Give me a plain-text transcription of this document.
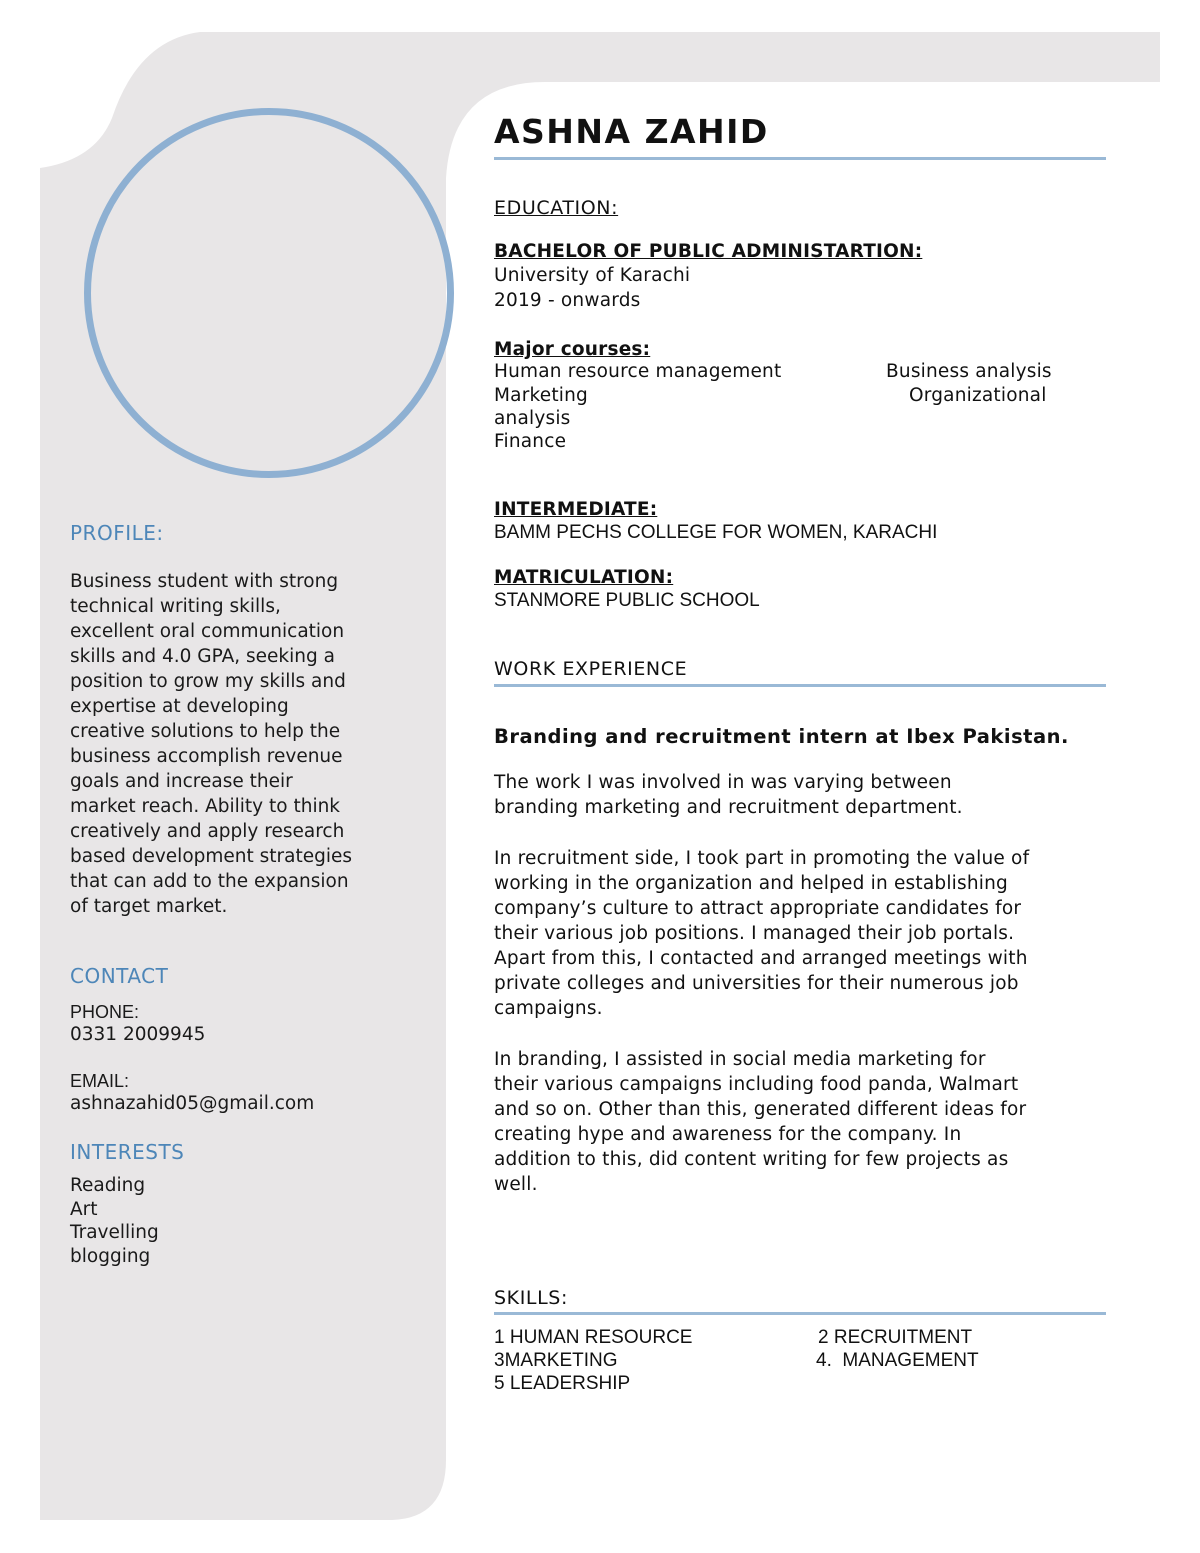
PROFILE:
Business student with strong
technical writing skills,
excellent oral communication
skills and 4.0 GPA, seeking a
position to grow my skills and
expertise at developing
creative solutions to help the
business accomplish revenue
goals and increase their
market reach. Ability to think
creatively and apply research
based development strategies
that can add to the expansion
of target market.
CONTACT
PHONE:
0331 2009945
EMAIL:
ashnazahid05@gmail.com
INTERESTS
Reading
Art
Travelling
blogging
ASHNA ZAHID
EDUCATION:
BACHELOR OF PUBLIC ADMINISTARTION:
University of Karachi
2019 - onwards
Major courses:
Human resource management	Business analysis
Marketing	Organizational
analysis
Finance
INTERMEDIATE:
BAMM PECHS COLLEGE FOR WOMEN, KARACHI
MATRICULATION:
STANMORE PUBLIC SCHOOL
WORK EXPERIENCE
Branding and recruitment intern at Ibex Pakistan.
The work I was involved in was varying between
branding marketing and recruitment department.
In recruitment side, I took part in promoting the value of
working in the organization and helped in establishing
company’s culture to attract appropriate candidates for
their various job positions. I managed their job portals.
Apart from this, I contacted and arranged meetings with
private colleges and universities for their numerous job
campaigns.
In branding, I assisted in social media marketing for
their various campaigns including food panda, Walmart
and so on. Other than this, generated different ideas for
creating hype and awareness for the company. In
addition to this, did content writing for few projects as
well.
SKILLS:
1 HUMAN RESOURCE	2 RECRUITMENT
3MARKETING	4.  MANAGEMENT
5 LEADERSHIP
